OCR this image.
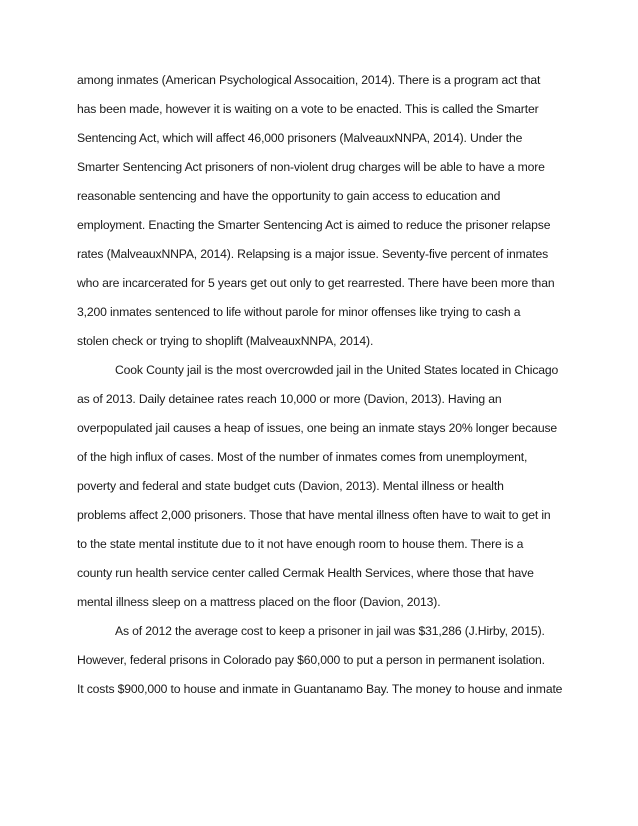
among inmates (American Psychological Assocaition, 2014). There is a program act that
has been made, however it is waiting on a vote to be enacted. This is called the Smarter
Sentencing Act, which will affect 46,000 prisoners (MalveauxNNPA, 2014). Under the
Smarter Sentencing Act prisoners of non-violent drug charges will be able to have a more
reasonable sentencing and have the opportunity to gain access to education and
employment. Enacting the Smarter Sentencing Act is aimed to reduce the prisoner relapse
rates (MalveauxNNPA, 2014). Relapsing is a major issue. Seventy-five percent of inmates
who are incarcerated for 5 years get out only to get rearrested. There have been more than
3,200 inmates sentenced to life without parole for minor offenses like trying to cash a
stolen check or trying to shoplift (MalveauxNNPA, 2014).
Cook County jail is the most overcrowded jail in the United States located in Chicago
as of 2013. Daily detainee rates reach 10,000 or more (Davion, 2013). Having an
overpopulated jail causes a heap of issues, one being an inmate stays 20% longer because
of the high influx of cases. Most of the number of inmates comes from unemployment,
poverty and federal and state budget cuts (Davion, 2013). Mental illness or health
problems affect 2,000 prisoners. Those that have mental illness often have to wait to get in
to the state mental institute due to it not have enough room to house them. There is a
county run health service center called Cermak Health Services, where those that have
mental illness sleep on a mattress placed on the floor (Davion, 2013).
As of 2012 the average cost to keep a prisoner in jail was $31,286 (J.Hirby, 2015).
However, federal prisons in Colorado pay $60,000 to put a person in permanent isolation.
It costs $900,000 to house and inmate in Guantanamo Bay. The money to house and inmate
